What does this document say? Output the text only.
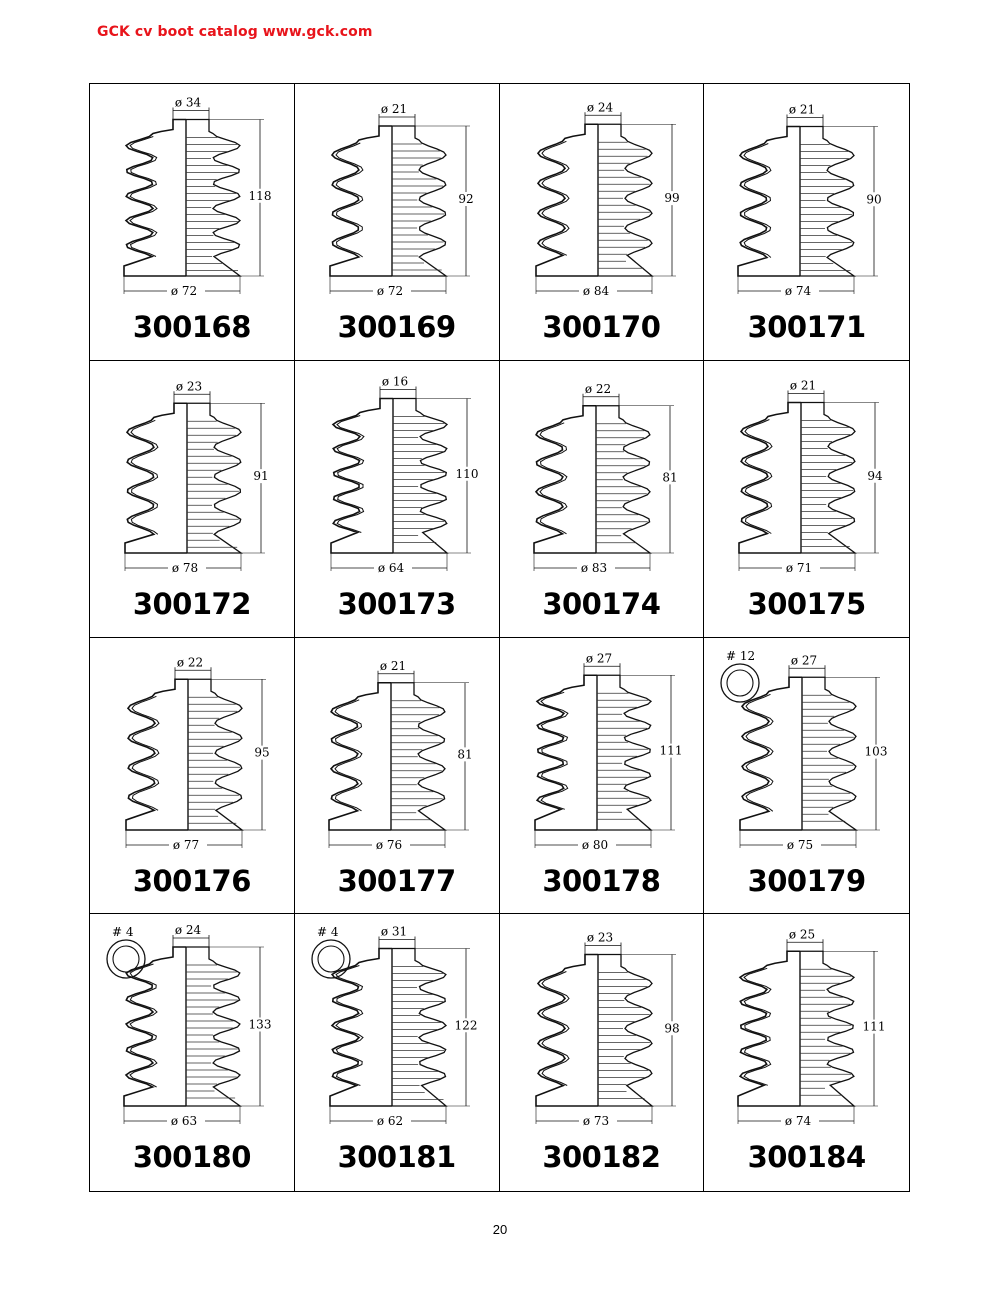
GCK cv boot catalog www.gck.com
ø 34
118
ø 72
300168
ø 21
92
ø 72
300169
ø 24
99
ø 84
300170
ø 21
90
ø 74
300171
ø 23
91
ø 78
300172
ø 16
110
ø 64
300173
ø 22
81
ø 83
300174
ø 21
94
ø 71
300175
ø 22
95
ø 77
300176
ø 21
81
ø 76
300177
ø 27
111
ø 80
300178
ø 27
103
ø 75
# 12
300179
ø 24
133
ø 63
# 4
300180
ø 31
122
ø 62
# 4
300181
ø 23
98
ø 73
300182
ø 25
111
ø 74
300184
20
